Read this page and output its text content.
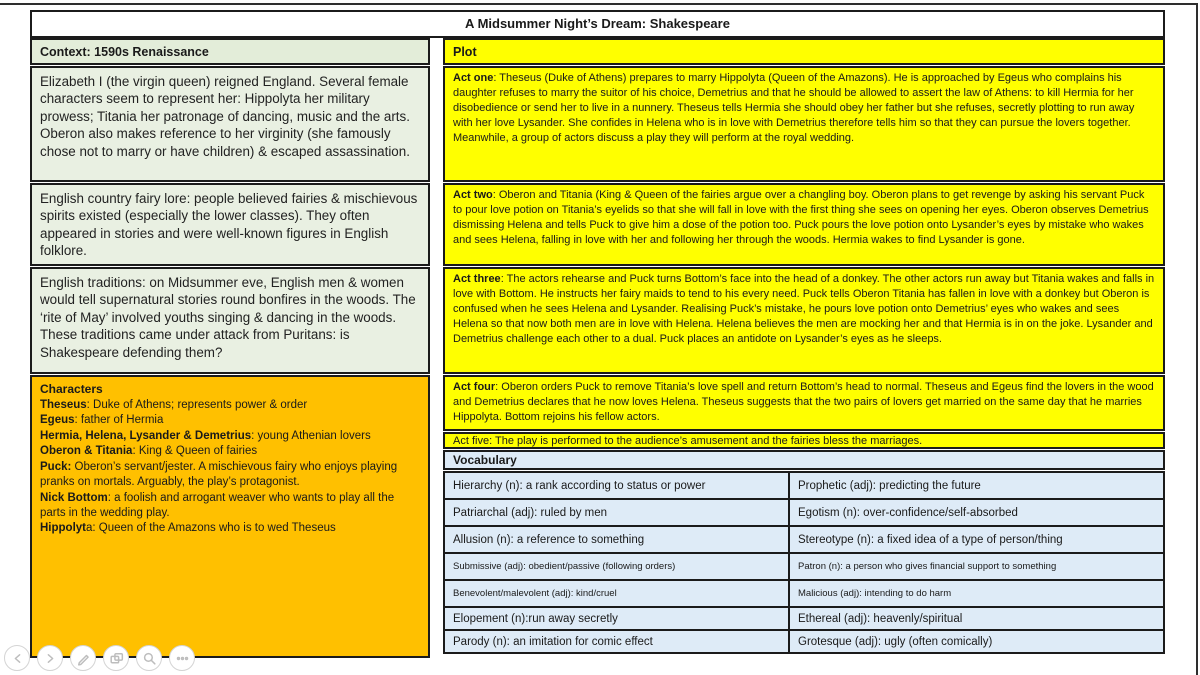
A Midsummer Night’s Dream: Shakespeare
Context: 1590s Renaissance
Elizabeth I (the virgin queen) reigned England. Several female characters seem to represent her: Hippolyta her military prowess; Titania her patronage of dancing, music and the arts. Oberon also makes reference to her virginity (she famously chose not to marry or have children) & escaped assassination.
English country fairy lore: people believed fairies & mischievous spirits existed (especially the lower classes). They often appeared in stories and were well-known figures in English folklore.
English traditions: on Midsummer eve, English men & women would tell supernatural stories round bonfires in the woods. The ‘rite of May’ involved youths singing & dancing in the woods. These traditions came under attack from Puritans: is Shakespeare defending them?
Characters
Theseus: Duke of Athens; represents power & order
Egeus: father of Hermia
Hermia, Helena, Lysander & Demetrius: young Athenian lovers
Oberon & Titania: King & Queen of fairies
Puck: Oberon’s servant/jester. A mischievous fairy who enjoys playing pranks on mortals. Arguably, the play’s protagonist.
Nick Bottom: a foolish and arrogant weaver who wants to play all the parts in the wedding play.
Hippolyta: Queen of the Amazons who is to wed Theseus
Plot
Act one: Theseus (Duke of Athens) prepares to marry Hippolyta (Queen of the Amazons). He is approached by Egeus who complains his daughter refuses to marry the suitor of his choice, Demetrius and that he should be allowed to assert the law of Athens: to kill Hermia for her disobedience or send her to live in a nunnery. Theseus tells Hermia she should obey her father but she refuses, secretly plotting to run away with her love Lysander. She confides in Helena who is in love with Demetrius therefore tells him so that they can pursue the lovers together. Meanwhile, a group of actors discuss a play they will perform at the royal wedding.
Act two: Oberon and Titania (King & Queen of the fairies argue over a changling boy. Oberon plans to get revenge by asking his servant Puck to pour love potion on Titania’s eyelids so that she will fall in love with the first thing she sees on opening her eyes. Oberon observes Demetrius dismissing Helena and tells Puck to give him a dose of the potion too. Puck pours the love potion onto Lysander’s eyes by mistake who wakes and sees Helena, falling in love with her and following her through the woods. Hermia wakes to find Lysander is gone.
Act three: The actors rehearse and Puck turns Bottom’s face into the head of a donkey. The other actors run away but Titania wakes and falls in love with Bottom. He instructs her fairy maids to tend to his every need. Puck tells Oberon Titania has fallen in love with a donkey but Oberon is confused when he sees Helena and Lysander. Realising Puck’s mistake, he pours love potion onto Demetrius’ eyes who wakes and sees Helena so that now both men are in love with Helena. Helena believes the men are mocking her and that Hermia is in on the joke. Lysander and Demetrius challenge each other to a dual. Puck places an antidote on Lysander’s eyes as he sleeps.
Act four: Oberon orders Puck to remove Titania’s love spell and return Bottom’s head to normal. Theseus and Egeus find the lovers in the wood and Demetrius declares that he now loves Helena. Theseus suggests that the two pairs of lovers get married on the same day that he marries Hippolyta. Bottom rejoins his fellow actors.
Act five: The play is performed to the audience’s amusement and the fairies bless the marriages.
Vocabulary
Hierarchy (n): a rank according to status or power	Prophetic (adj): predicting the future
Patriarchal (adj): ruled by men	Egotism (n): over-confidence/self-absorbed
Allusion (n): a reference to something	Stereotype (n): a fixed idea of a type of person/thing
Submissive (adj): obedient/passive (following orders)	Patron (n): a person who gives financial support to something
Benevolent/malevolent (adj): kind/cruel	Malicious (adj): intending to do harm
Elopement (n):run away secretly	Ethereal (adj): heavenly/spiritual
Parody (n): an imitation for comic effect	Grotesque (adj): ugly (often comically)
